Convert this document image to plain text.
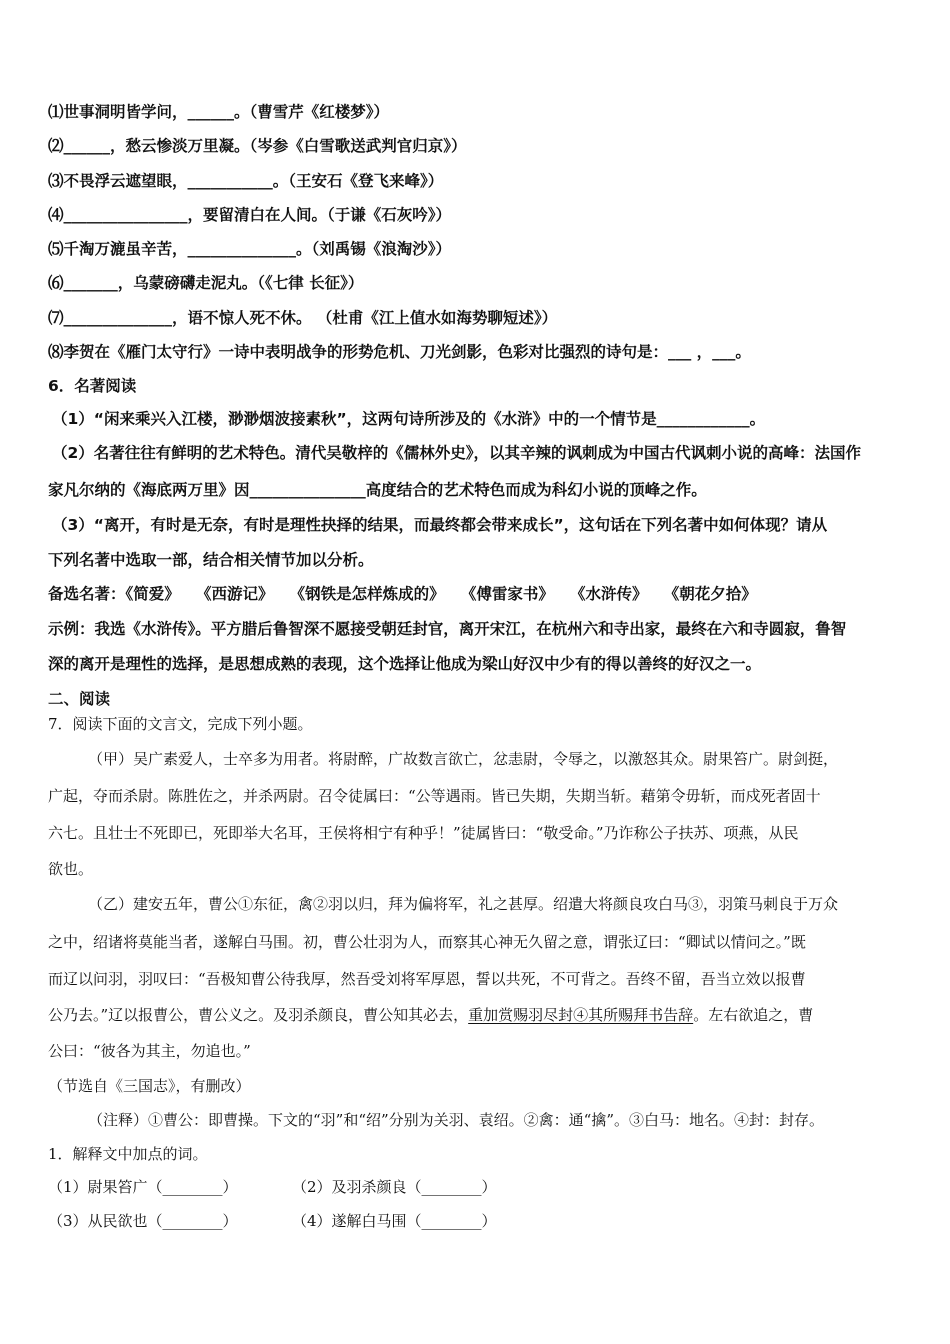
⑴世事洞明皆学问，______。（曹雪芹《红楼梦》）
⑵______，愁云惨淡万里凝。（岑参《白雪歌送武判官归京》）
⑶不畏浮云遮望眼，___________。（王安石《登飞来峰》）
⑷________________，要留清白在人间。（于谦《石灰吟》）
⑸千淘万漉虽辛苦，______________。（刘禹锡《浪淘沙》）
⑹_______，乌蒙磅礴走泥丸。（《七律 长征》）
⑺______________，语不惊人死不休。 （杜甫《江上值水如海势聊短述》）
⑻李贺在《雁门太守行》一诗中表明战争的形势危机、刀光剑影，色彩对比强烈的诗句是：___ ，___。
6．名著阅读
（1）“闲来乘兴入江楼，渺渺烟波接素秋”，这两句诗所涉及的《水浒》中的一个情节是____________。
（2）名著往往有鲜明的艺术特色。清代吴敬梓的《儒林外史》，以其辛辣的讽刺成为中国古代讽刺小说的高峰：法国作
家凡尔纳的《海底两万里》因_______________高度结合的艺术特色而成为科幻小说的顶峰之作。
（3）“离开，有时是无奈，有时是理性抉择的结果，而最终都会带来成长”，这句话在下列名著中如何体现？请从
下列名著中选取一部，结合相关情节加以分析。
备选名著：《简爱》   《西游记》   《钢铁是怎样炼成的》   《傅雷家书》   《水浒传》   《朝花夕拾》
示例：我选《水浒传》。平方腊后鲁智深不愿接受朝廷封官，离开宋江，在杭州六和寺出家，最终在六和寺圆寂，鲁智
深的离开是理性的选择，是思想成熟的表现，这个选择让他成为梁山好汉中少有的得以善终的好汉之一。
二、阅读
7．阅读下面的文言文，完成下列小题。
（甲）吴广素爱人，士卒多为用者。将尉醉，广故数言欲亡，忿恚尉，令辱之，以激怒其众。尉果笞广。尉剑挺，
广起，夺而杀尉。陈胜佐之，并杀两尉。召令徒属曰：“公等遇雨。皆已失期，失期当斩。藉第令毋斩，而戍死者固十
六七。且壮士不死即已，死即举大名耳，王侯将相宁有种乎！”徒属皆曰：“敬受命。”乃诈称公子扶苏、项燕，从民
欲也。
（乙）建安五年，曹公①东征，禽②羽以归，拜为偏将军，礼之甚厚。绍遣大将颜良攻白马③，羽策马刺良于万众
之中，绍诸将莫能当者，遂解白马围。初，曹公壮羽为人，而察其心神无久留之意，谓张辽曰：“卿试以情问之。”既
而辽以问羽，羽叹曰：“吾极知曹公待我厚，然吾受刘将军厚恩，誓以共死，不可背之。吾终不留，吾当立效以报曹
公乃去。”辽以报曹公，曹公义之。及羽杀颜良，曹公知其必去，重加赏赐羽尽封④其所赐拜书告辞。左右欲追之，曹
公曰：“彼各为其主，勿追也。”
（节选自《三国志》，有删改）
（注释）①曹公：即曹操。下文的“羽”和“绍”分别为关羽、袁绍。②禽：通“擒”。③白马：地名。④封：封存。
1．解释文中加点的词。
（1）尉果笞广（________）	（2）及羽杀颜良（________）
（3）从民欲也（________）	（4）遂解白马围（________）
